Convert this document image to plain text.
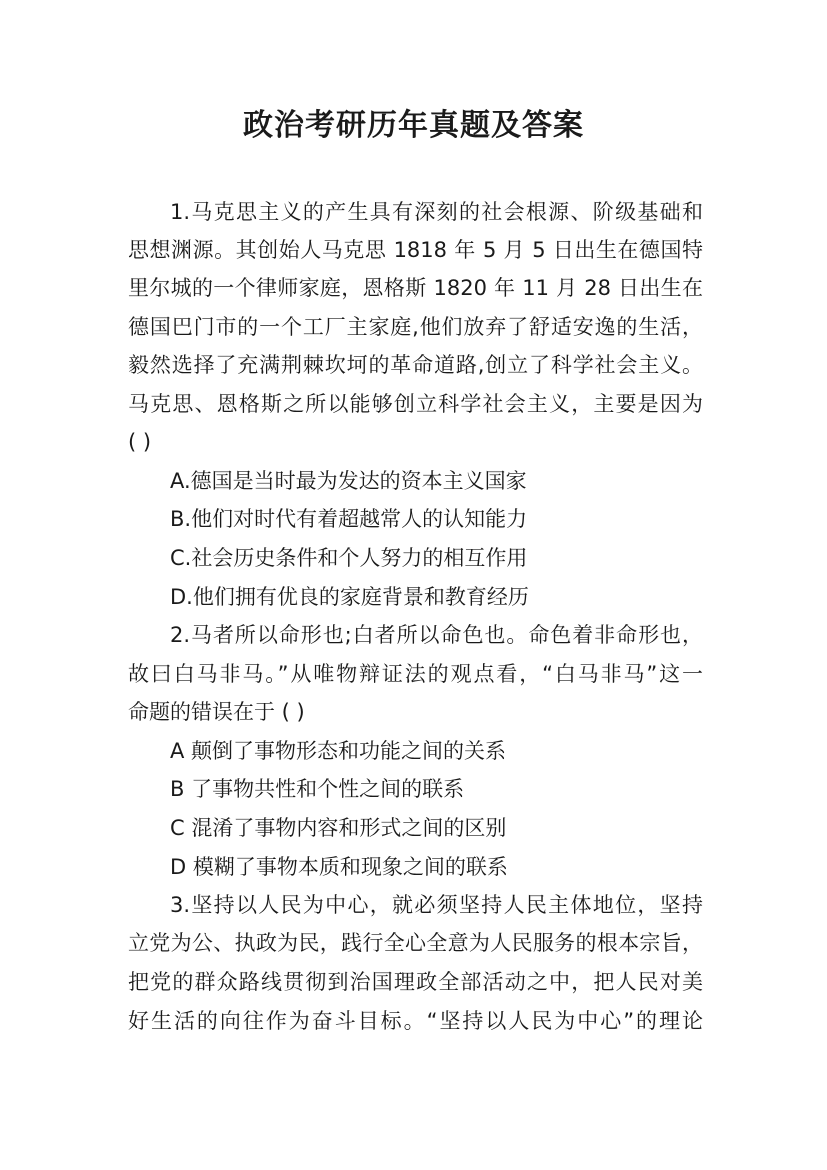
政治考研历年真题及答案
1.马克思主义的产生具有深刻的社会根源、阶级基础和
思想渊源。其创始人马克思 1818 年 5 月 5 日出生在德国特
里尔城的一个律师家庭，恩格斯 1820 年 11 月 28 日出生在
德国巴门市的一个工厂主家庭,他们放弃了舒适安逸的生活，
毅然选择了充满荆棘坎坷的革命道路,创立了科学社会主义。
马克思、恩格斯之所以能够创立科学社会主义，主要是因为
( )
A.德国是当时最为发达的资本主义国家
B.他们对时代有着超越常人的认知能力
C.社会历史条件和个人努力的相互作用
D.他们拥有优良的家庭背景和教育经历
2.马者所以命形也;白者所以命色也。命色着非命形也，
故曰白马非马。”从唯物辩证法的观点看，“白马非马”这一
命题的错误在于 ( )
A 颠倒了事物形态和功能之间的关系
B 了事物共性和个性之间的联系
C 混淆了事物内容和形式之间的区别
D 模糊了事物本质和现象之间的联系
3.坚持以人民为中心，就必须坚持人民主体地位，坚持
立党为公、执政为民，践行全心全意为人民服务的根本宗旨，
把党的群众路线贯彻到治国理政全部活动之中，把人民对美
好生活的向往作为奋斗目标。“坚持以人民为中心”的理论
